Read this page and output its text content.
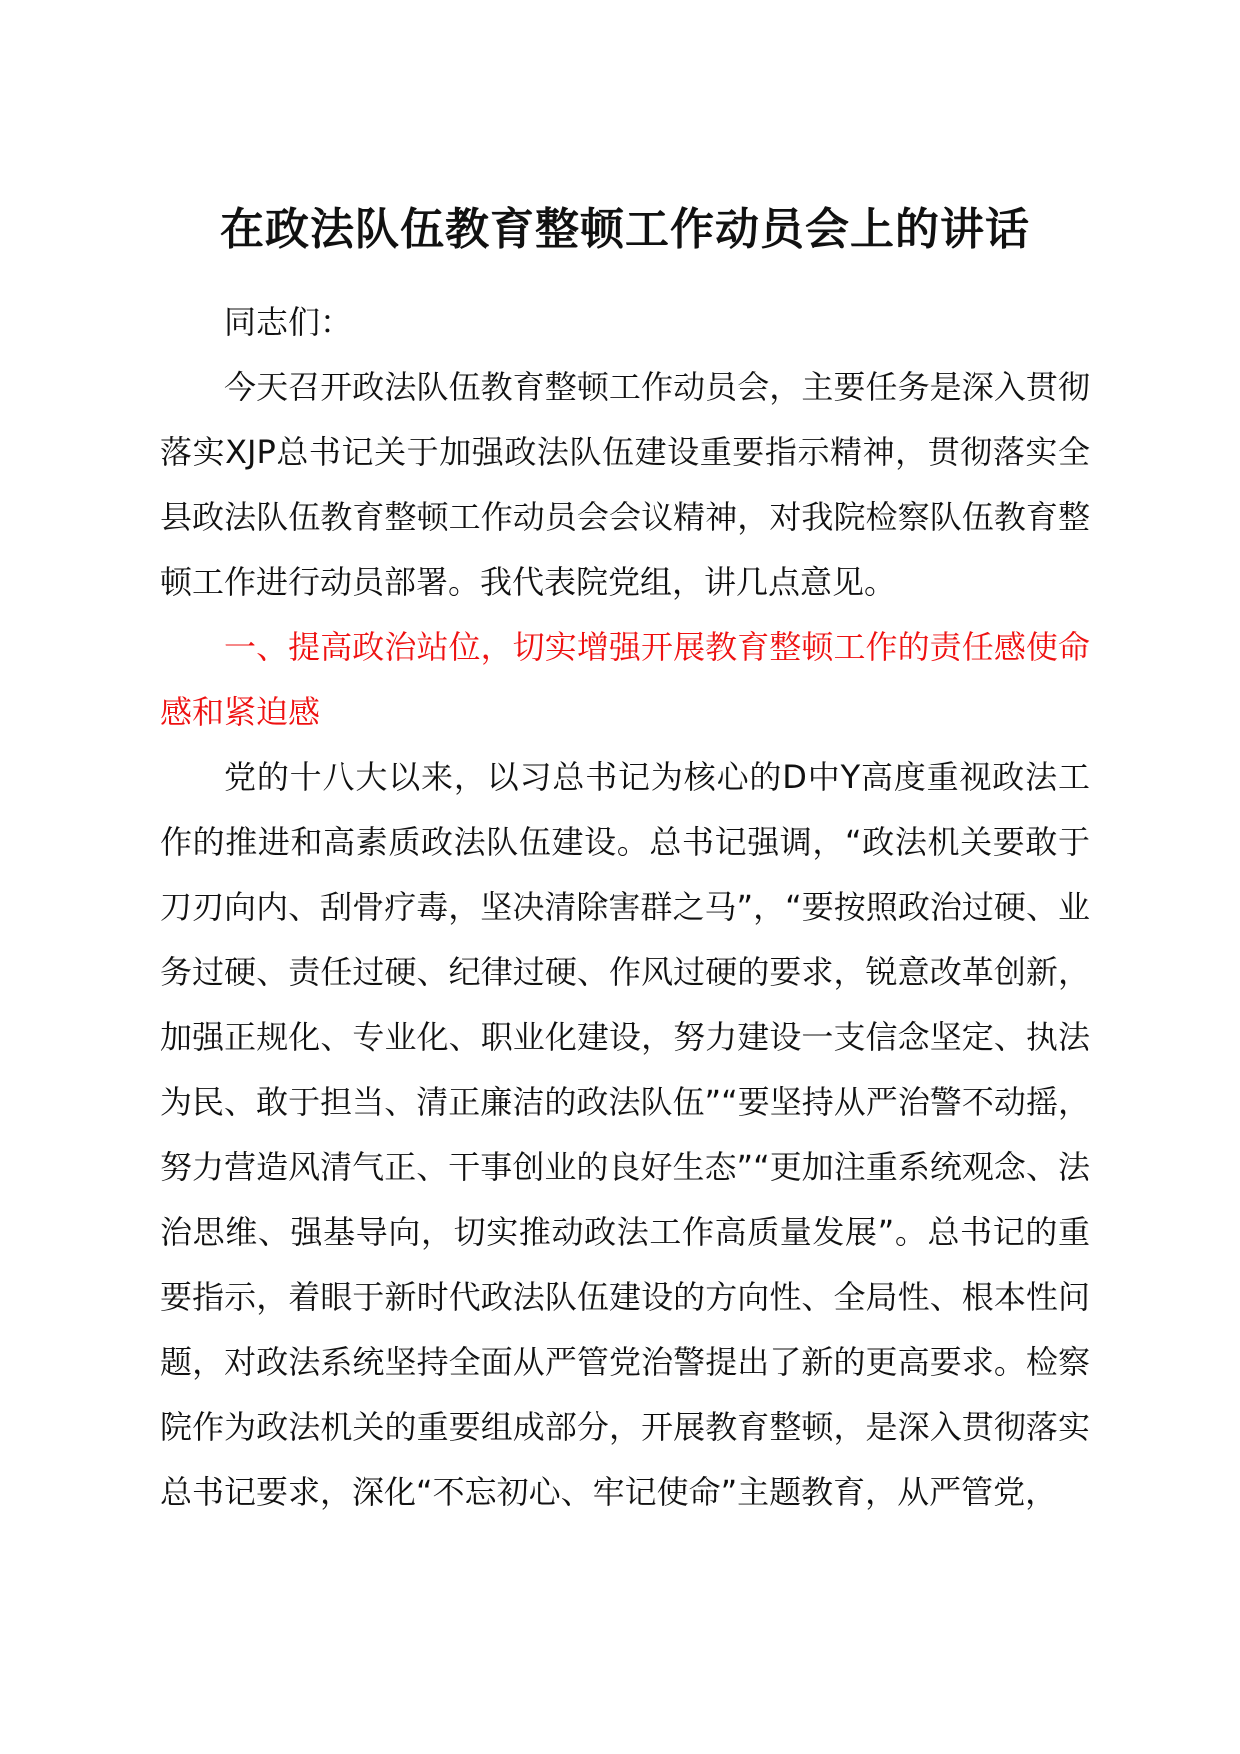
在政法队伍教育整顿工作动员会上的讲话

同志们：

今天召开政法队伍教育整顿工作动员会，主要任务是深入贯彻落实XJP总书记关于加强政法队伍建设重要指示精神，贯彻落实全县政法队伍教育整顿工作动员会会议精神，对我院检察队伍教育整顿工作进行动员部署。我代表院党组，讲几点意见。

一、提高政治站位，切实增强开展教育整顿工作的责任感使命感和紧迫感

党的十八大以来，以习总书记为核心的D中Y高度重视政法工作的推进和高素质政法队伍建设。总书记强调，“政法机关要敢于刀刃向内、刮骨疗毒，坚决清除害群之马”，“要按照政治过硬、业务过硬、责任过硬、纪律过硬、作风过硬的要求，锐意改革创新，加强正规化、专业化、职业化建设，努力建设一支信念坚定、执法为民、敢于担当、清正廉洁的政法队伍”“要坚持从严治警不动摇，努力营造风清气正、干事创业的良好生态”“更加注重系统观念、法治思维、强基导向，切实推动政法工作高质量发展”。总书记的重要指示，着眼于新时代政法队伍建设的方向性、全局性、根本性问题，对政法系统坚持全面从严管党治警提出了新的更高要求。检察院作为政法机关的重要组成部分，开展教育整顿，是深入贯彻落实总书记要求，深化“不忘初心、牢记使命”主题教育，从严管党，
